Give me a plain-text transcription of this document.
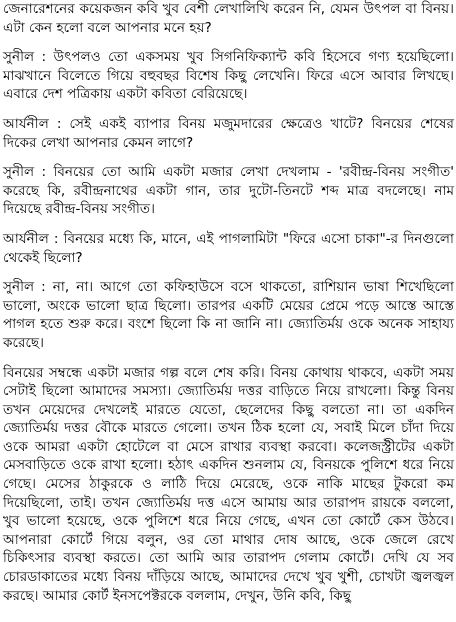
জেনারেশনের কয়েকজন কবি খুব বেশী লেখালিখি করেন নি, যেমন উৎপল বা বিনয়। এটা কেন হলো বলে আপনার মনে হয়?

সুনীল : উৎপলও তো একসময় খুব সিগনিফিক্যান্ট কবি হিসেবে গণ্য হয়েছিলো। মাঝখানে বিলেতে গিয়ে বহুবছর বিশেষ কিছু লেখেনি। ফিরে এসে আবার লিখছে। এবারে দেশ পত্রিকায় একটা কবিতা বেরিয়েছে।

আর্যনীল : সেই একই ব্যাপার বিনয় মজুমদারের ক্ষেত্রেও খাটে? বিনয়ের শেষের দিকের লেখা আপনার কেমন লাগে?

সুনীল : বিনয়ের তো আমি একটা মজার লেখা দেখলাম - 'রবীন্দ্র-বিনয় সংগীত' করেছে কি, রবীন্দ্রনাথের একটা গান, তার দুটো-তিনটে শব্দ মাত্র বদলেছে। নাম দিয়েছে রবীন্দ্র-বিনয় সংগীত।

আর্যনীল : বিনয়ের মধ্যে কি, মানে, এই পাগলামিটা "ফিরে এসো চাকা"-র দিনগুলো থেকেই ছিলো?

সুনীল : না, না। আগে তো কফিহাউসে বসে থাকতো, রাশিয়ান ভাষা শিখেছিলো ভালো, অংকে ভালো ছাত্র ছিলো। তারপর একটি মেয়ের প্রেমে পড়ে আস্তে আস্তে পাগল হতে শুরু করে। বংশে ছিলো কি না জানি না। জ্যোতির্ময় ওকে অনেক সাহায্য করেছে।

বিনয়ের সম্বন্ধে একটা মজার গল্প বলে শেষ করি। বিনয় কোথায় থাকবে, একটা সময় সেটাই ছিলো আমাদের সমস্যা। জ্যোতির্ময় দত্তর বাড়িতে নিয়ে রাখলো। কিন্তু বিনয় তখন মেয়েদের দেখলেই মারতে যেতো, ছেলেদের কিছু বলতো না। তা একদিন জ্যোতির্ময় দত্তর বৌকে মারতে গেলো। তখন ঠিক হলো যে, সবাই মিলে চাঁদা দিয়ে ওকে আমরা একটা হোটেলে বা মেসে রাখার ব্যবস্থা করবো। কলেজস্ট্রীটের একটা মেসবাড়িতে ওকে রাখা হলো। হঠাৎ একদিন শুনলাম যে, বিনয়কে পুলিশে ধরে নিয়ে গেছে। মেসের ঠাকুরকে ও লাঠি দিয়ে মেরেছে, ওকে নাকি মাছের টুকরো কম দিয়েছিলো, তাই। তখন জ্যোতির্ময় দত্ত এসে আমায় আর তারাপদ রায়কে বললো, খুব ভালো হয়েছে, ওকে পুলিশে ধরে নিয়ে গেছে, এখন তো কোর্টে কেস উঠবে। আপনারা কোর্টে গিয়ে বলুন, ওর তো মাথার দোষ আছে, ওকে জেলে রেখে চিকিৎসার ব্যবস্থা করতে। তো আমি আর তারাপদ গেলাম কোর্টে। দেখি যে সব চোরডাকাতের মধ্যে বিনয় দাঁড়িয়ে আছে, আমাদের দেখে খুব খুশী, চোখটা জ্বলজ্বল করছে। আমার কোর্ট ইনসপেক্টরকে বললাম, দেখুন, উনি কবি, কিছু
